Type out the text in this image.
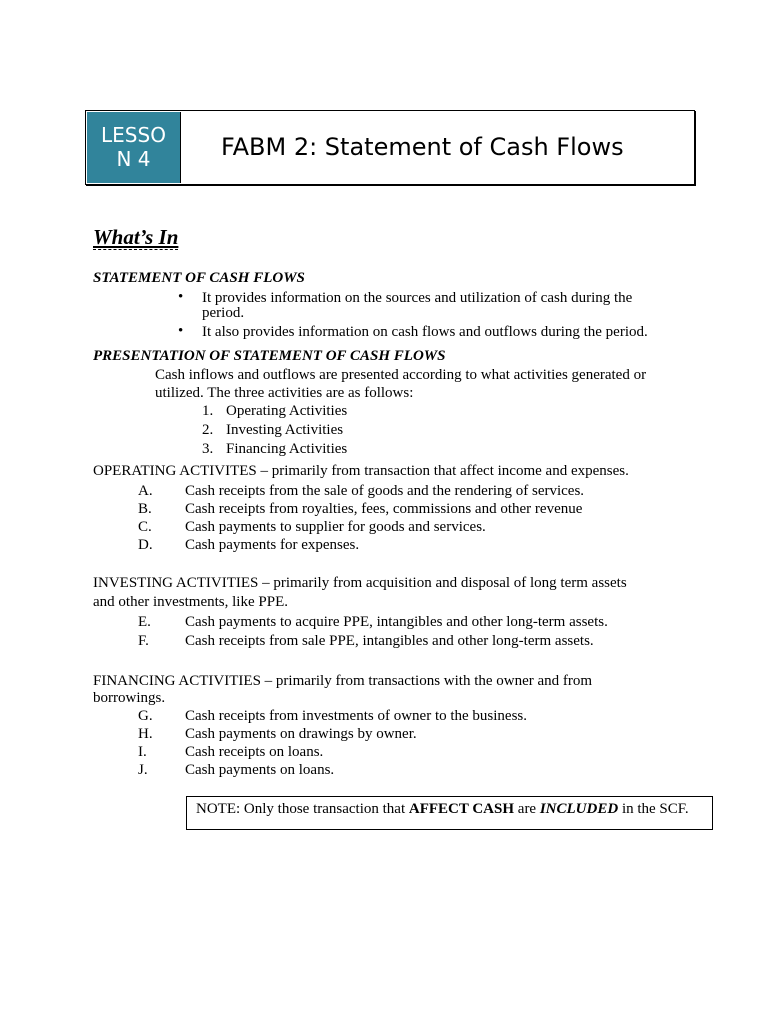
LESSO
N 4	FABM 2: Statement of Cash Flows
What’s In
STATEMENT OF CASH FLOWS
• It provides information on the sources and utilization of cash during the
period.
• It also provides information on cash flows and outflows during the period.
PRESENTATION OF STATEMENT OF CASH FLOWS
Cash inflows and outflows are presented according to what activities generated or
utilized. The three activities are as follows:
1. Operating Activities
2. Investing Activities
3. Financing Activities
OPERATING ACTIVITES – primarily from transaction that affect income and expenses.
A. Cash receipts from the sale of goods and the rendering of services.
B. Cash receipts from royalties, fees, commissions and other revenue
C. Cash payments to supplier for goods and services.
D. Cash payments for expenses.
INVESTING ACTIVITIES – primarily from acquisition and disposal of long term assets
and other investments, like PPE.
E. Cash payments to acquire PPE, intangibles and other long-term assets.
F. Cash receipts from sale PPE, intangibles and other long-term assets.
FINANCING ACTIVITIES – primarily from transactions with the owner and from
borrowings.
G. Cash receipts from investments of owner to the business.
H. Cash payments on drawings by owner.
I.	Cash receipts on loans.
J. Cash payments on loans.
NOTE: Only those transaction that AFFECT CASH are INCLUDED in the SCF.
